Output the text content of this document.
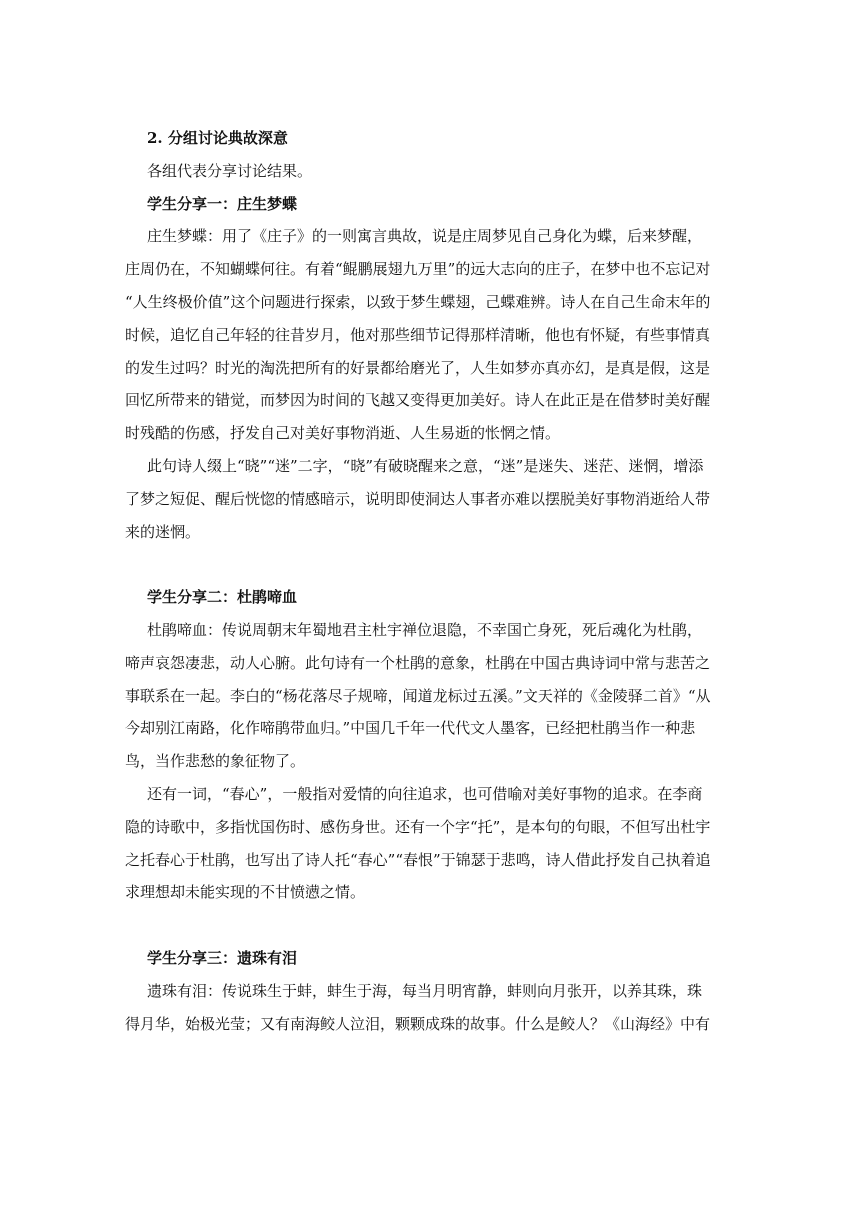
2. 分组讨论典故深意

各组代表分享讨论结果。

学生分享一：庄生梦蝶

庄生梦蝶：用了《庄子》的一则寓言典故，说是庄周梦见自己身化为蝶，后来梦醒，

庄周仍在，不知蝴蝶何往。有着“鲲鹏展翅九万里”的远大志向的庄子，在梦中也不忘记对

“人生终极价值”这个问题进行探索，以致于梦生蝶翅，己蝶难辨。诗人在自己生命末年的

时候，追忆自己年轻的往昔岁月，他对那些细节记得那样清晰，他也有怀疑，有些事情真

的发生过吗？时光的淘洗把所有的好景都给磨光了，人生如梦亦真亦幻，是真是假，这是

回忆所带来的错觉，而梦因为时间的飞越又变得更加美好。诗人在此正是在借梦时美好醒

时残酷的伤感，抒发自己对美好事物消逝、人生易逝的怅惘之情。

此句诗人缀上“晓”“迷”二字，“晓”有破晓醒来之意，“迷”是迷失、迷茫、迷惘，增添

了梦之短促、醒后恍惚的情感暗示，说明即使洞达人事者亦难以摆脱美好事物消逝给人带

来的迷惘。

学生分享二：杜鹃啼血

杜鹃啼血：传说周朝末年蜀地君主杜宇禅位退隐，不幸国亡身死，死后魂化为杜鹃，

啼声哀怨凄悲，动人心腑。此句诗有一个杜鹃的意象，杜鹃在中国古典诗词中常与悲苦之

事联系在一起。李白的“杨花落尽子规啼，闻道龙标过五溪。”文天祥的《金陵驿二首》“从

今却别江南路，化作啼鹃带血归。”中国几千年一代代文人墨客，已经把杜鹃当作一种悲

鸟，当作悲愁的象征物了。

还有一词，“春心”，一般指对爱情的向往追求，也可借喻对美好事物的追求。在李商

隐的诗歌中，多指忧国伤时、感伤身世。还有一个字“托”，是本句的句眼，不但写出杜宇

之托春心于杜鹃，也写出了诗人托“春心”“春恨”于锦瑟于悲鸣，诗人借此抒发自己执着追

求理想却未能实现的不甘愤懑之情。

学生分享三：遗珠有泪

遗珠有泪：传说珠生于蚌，蚌生于海，每当月明宵静，蚌则向月张开，以养其珠，珠

得月华，始极光莹；又有南海鲛人泣泪，颗颗成珠的故事。什么是鲛人？《山海经》中有
